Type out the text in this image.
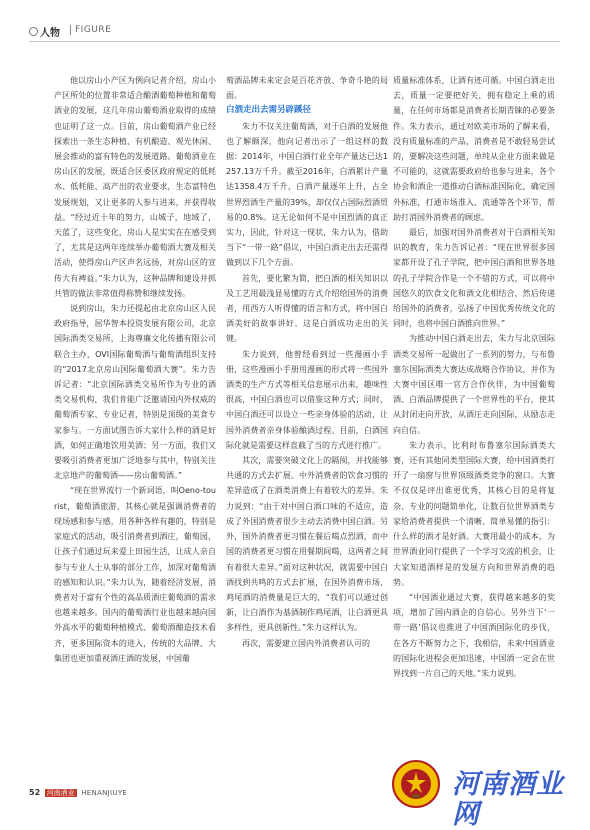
人物 FIGURE

他以房山小产区为例向记者介绍，房山小产区所处的位置非常适合酿酒葡萄种植和葡萄酒业的发展，这几年房山葡萄酒业取得的成绩也证明了这一点。目前，房山葡萄酒产业已经探索出一条生态种植、有机酿造、观光休闲、展会推动的富有特色的发展道路。葡萄酒业在房山区的发展，既适合区委区政府规定的低耗水、低耗能、高产出的农业要求，生态富特色发展规划，又让更多的人参与进来，并获得收益。“经过近十年的努力，山城子，地域了，天蓝了，这些变化，房山人是实实在在感受到了，尤其是这两年连续举办葡萄酒大赛及相关活动，使得房山产区声名远扬，对房山区的宣传大有裨益。”朱力认为，这种品牌和建设并抓共管的做法非常值得称赞和继续发扬。

说到房山，朱力还提起由北京房山区人民政府指导，屈华智本投资发展有限公司，北京国际酒类交易所，上海尊廉文化传播有限公司联合主办，OVI国际葡萄酒与葡萄酒组织支持的“2017北京房山国际葡萄酒大赛”。朱力告诉记者：“北京国际酒类交易所作为专业的酒类交易机构，我们肯能广泛邀请国内外权威的葡萄酒专家、专业记者，特别是顶级的美食专家参与。一方面试图告诉大家什么样的酒是好酒，如何正确地饮用美酒；另一方面，我们又要吸引消费者更加广泛地参与其中，特别关注北京地产的葡萄酒——房山葡萄酒。”

“现在世界流行一个新词语，叫Oeno-tourist，葡萄酒旅游，其核心就是强调消费者的现场感和参与感，用各种各样有趣的，特别是家庭式的活动，吸引消费者到酒庄，葡萄园，让孩子们通过玩来爱上田园生活，让成人亲自参与专业人士从事的部分工作，加深对葡萄酒的感知和认识。”朱力认为，随着经济发展，消费者对于富有个性的高品质酒庄葡萄酒的需求也越来越多。国内的葡萄酒行业也越来越向国外高水平的葡萄种植模式、葡萄酒酿造技术看齐，更多国际资本的进入，传统的大品牌、大集团也更加重视酒庄酒的发展，中国葡

萄酒品牌未来定会是百花齐放、争奇斗艳的局面。

白酒走出去需另辟蹊径

朱力不仅关注葡萄酒，对于白酒的发展他也了解颇深，他向记者出示了一组这样的数据：2014年，中国白酒行业全年产量达已达1257.13万千升。截至2016年，白酒累计产量达1358.4万千升，白酒产量逐年上升，占全世界烈酒生产量的39%，却仅仅占国际烈酒贸易的0.8%。这无论如何不是中国烈酒的真正实力，因此，针对这一现状，朱力认为，借助当下“一带一路”倡议，中国白酒走出去还需得做到以下几个方面。

首先，要化繁为简，把白酒的相关知识以及工艺用最浅显易懂的方式介绍给国外的消费者，用西方人听得懂的语言和方式，将中国白酒美好的故事讲好。这是白酒成功走出的关键。

朱力说到，他曾经看到过一些漫画小手册，这些漫画小手册用漫画的形式将一些国外酒类的生产方式等相关信息展示出来，趣味性很高，中国白酒也可以借鉴这种方式；同时，中国白酒还可以设立一些亲身体验的活动，让国外消费者亲身体验酿酒过程。目前，白酒国际化就是需要这样直截了当的方式进行推广。

其次，需要突破文化上的隔阂，并找能够共通的方式去扩展。中外消费者的饮食习惯的差异造成了在酒类消费上有着较大的差异。朱力说到：“由于对中国白酒口味的不适应，造成了外国消费者很少主动去消费中国白酒。另外，国外消费者更习惯在餐后喝点烈酒，而中国的消费者更习惯在用餐期间喝，这两者之间有着很大差异。”面对这种状况，就需要中国白酒找到共鸣的方式去扩展，在国外消费市场，鸡尾酒的消费量是巨大的，“我们可以通过创新，让白酒作为基酒制作鸡尾酒，让白酒更具多样性，更具创新性。”朱力这样认为。

再次，需要建立国内外消费者认可的

质量标准体系，让酒有迹可循。中国白酒走出去，质量一定要把好关，拥有稳定上乘的质量，在任何市场都是消费者长期青睐的必要条件。朱力表示，通过对欧美市场的了解来看，没有质量标准的产品，消费者是不敢轻易尝试的，要解决这些问题，单纯从企业方面来做是不可能的，这就需要政府给也参与进来，各个协会和酒企一道推动白酒标准国际化，确定国外标准，打通市场准入、流通等各个环节，帮助打消国外消费者的顾虑。

最后，加强对国外消费者对于白酒相关知识的教育，朱力告诉记者：“现在世界很多国家都开设了孔子学院，把中国白酒和世界各地的孔子学院合作是一个不错的方式，可以将中国悠久的饮食文化和酒文化相结合，然后传递给国外的消费者，弘扬了中国优秀传统文化的同时，也将中国白酒推向世界。”

为推动中国白酒走出去，朱力与北京国际酒类交易所一起做出了一系列的努力，与布鲁塞尔国际酒类大赛达成战略合作协议，并作为大赛中国区唯一官方合作伙伴，为中国葡萄酒、白酒品牌提供了一个世界性的平台，使其从封闭走向开放，从酒圧走向国际，从励志走向自信。

朱力表示，比利时布鲁塞尔国际酒类大赛，还有其他同类型国际大赛，给中国酒类打开了一扇窗与世界顶级酒类竞争的窗口。大赛不仅仅是评出谁更优秀，其核心目的是将复杂、专业的问题简单化，让数百位世界酒类专家给消费者提供一个清晰、简单易懂的指引：什么样的酒才是好酒。大赛用最小的成本，为世界酒业同行提供了一个学习交流的机会，让大家知道酒样是的发展方向和世界消费的趋势。

“中国酒业通过大赛，获得越来越多的奖项，增加了国内酒企的自信心。另外当下‘一带一路’倡议也推进了中国酒国际化的步伐，在各方不断努力之下，我相信，未来中国酒业的国际化进程会更加迅速，中国酒一定会在世界找到一片自己的天地。”朱力说到。

52 河南酒业 HENANJIUYE	河南酒业网
